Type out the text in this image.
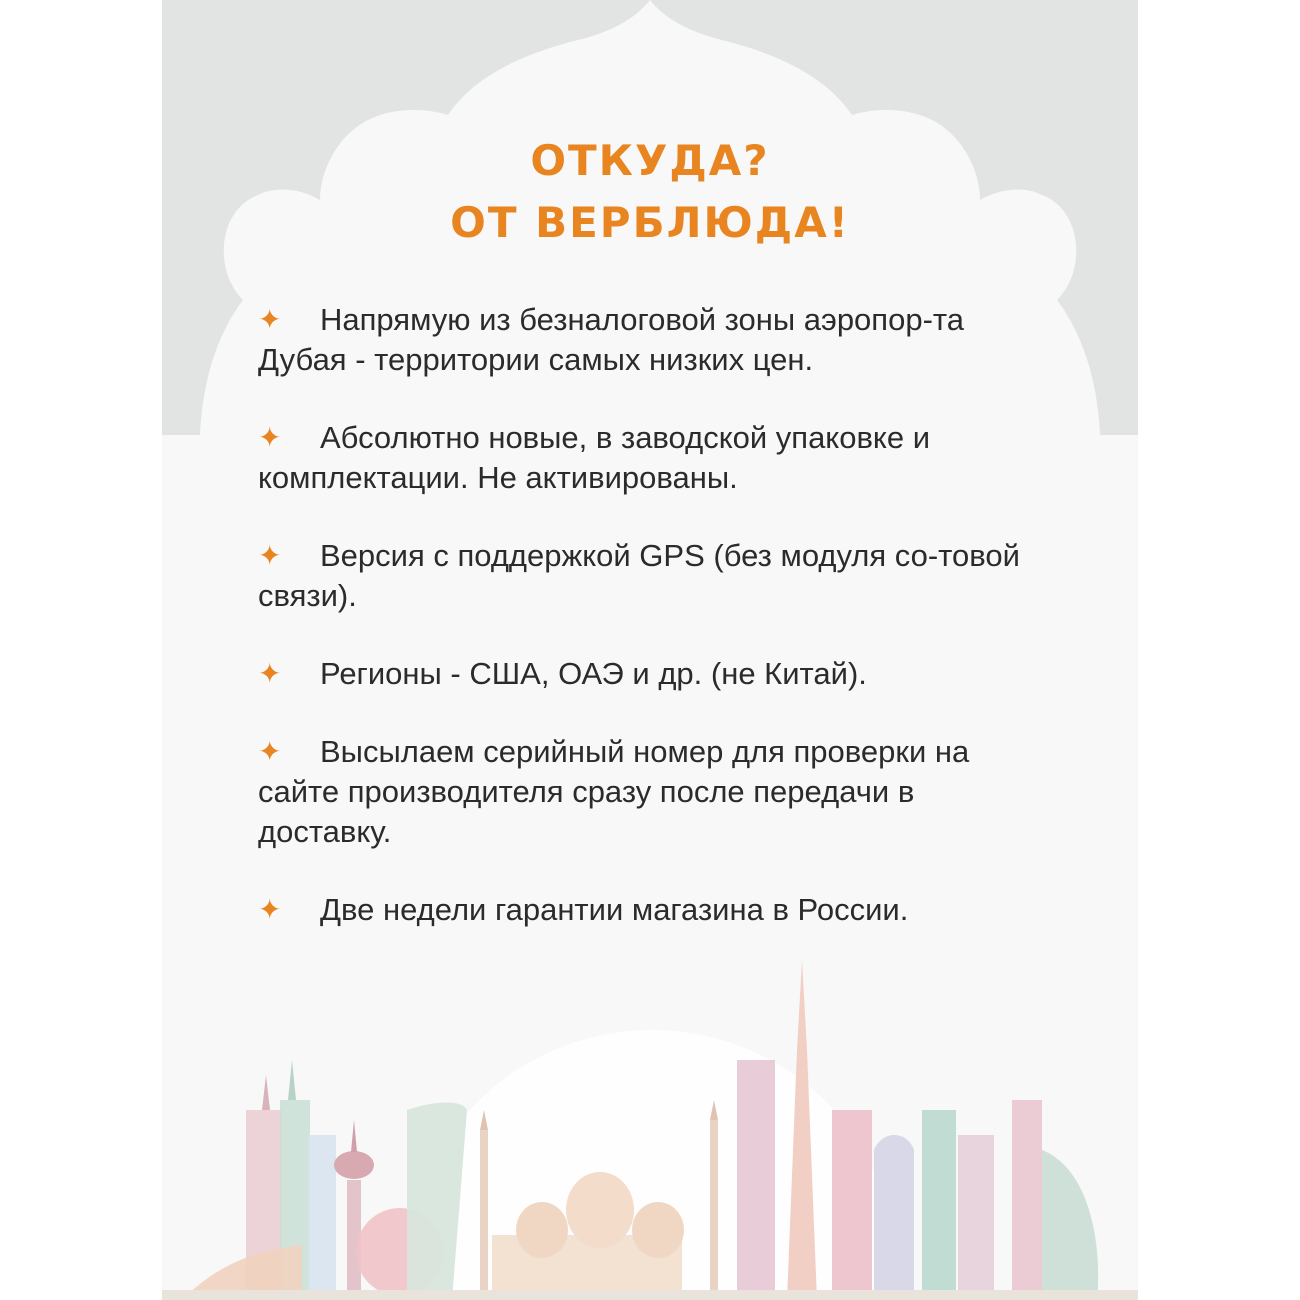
ОТКУДА?
ОТ ВЕРБЛЮДА!
✦ Напрямую из безналоговой зоны аэропор-та Дубая - территории самых низких цен.
✦ Абсолютно новые, в заводской упаковке и комплектации. Не активированы.
✦ Версия с поддержкой GPS (без модуля со-товой связи).
✦ Регионы - США, ОАЭ и др. (не Китай).
✦ Высылаем серийный номер для проверки на сайте производителя сразу после передачи в доставку.
✦ Две недели гарантии магазина в России.
